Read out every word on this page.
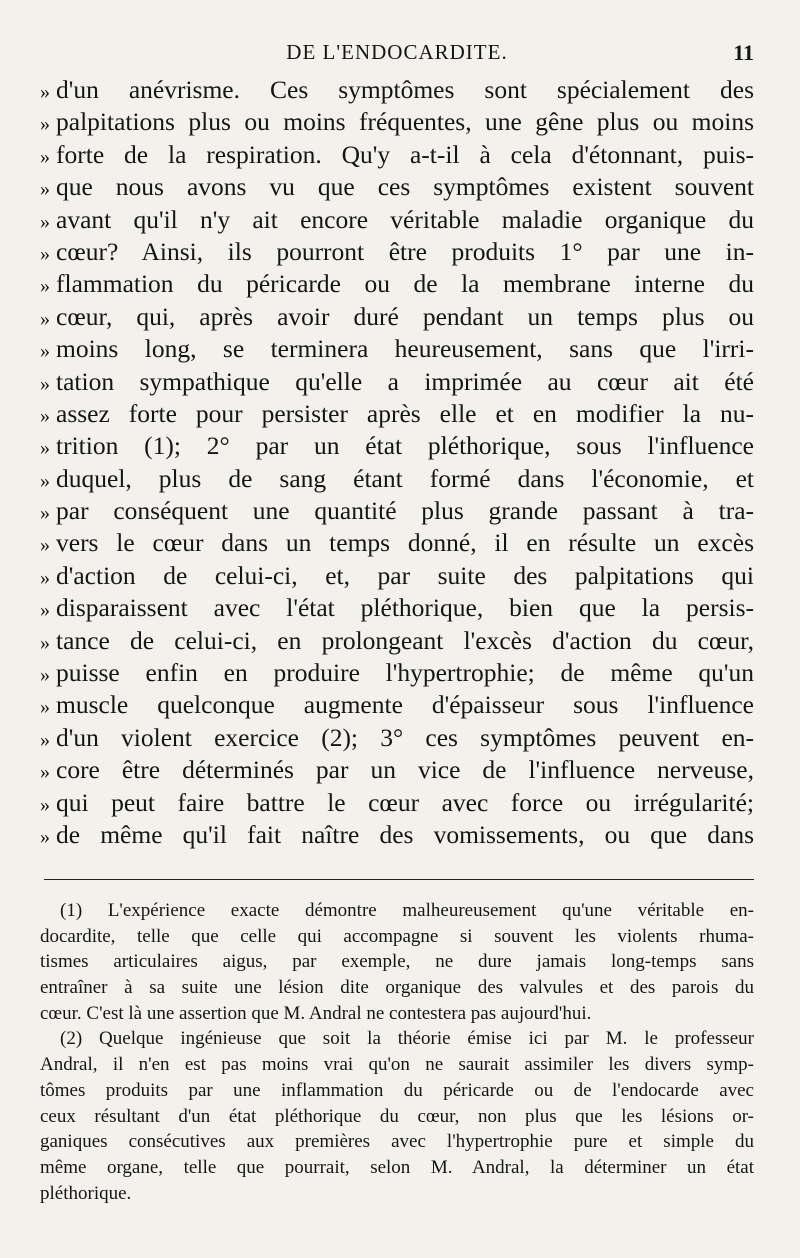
DE L'ENDOCARDITE.	11
» d'un anévrisme. Ces symptômes sont spécialement des
» palpitations plus ou moins fréquentes, une gêne plus ou moins
» forte de la respiration. Qu'y a-t-il à cela d'étonnant, puis-
» que nous avons vu que ces symptômes existent souvent
» avant qu'il n'y ait encore véritable maladie organique du
» cœur? Ainsi, ils pourront être produits 1° par une in-
» flammation du péricarde ou de la membrane interne du
» cœur, qui, après avoir duré pendant un temps plus ou
» moins long, se terminera heureusement, sans que l'irri-
» tation sympathique qu'elle a imprimée au cœur ait été
» assez forte pour persister après elle et en modifier la nu-
» trition (1); 2° par un état pléthorique, sous l'influence
» duquel, plus de sang étant formé dans l'économie, et
» par conséquent une quantité plus grande passant à tra-
» vers le cœur dans un temps donné, il en résulte un excès
» d'action de celui-ci, et, par suite des palpitations qui
» disparaissent avec l'état pléthorique, bien que la persis-
» tance de celui-ci, en prolongeant l'excès d'action du cœur,
» puisse enfin en produire l'hypertrophie; de même qu'un
» muscle quelconque augmente d'épaisseur sous l'influence
» d'un violent exercice (2); 3° ces symptômes peuvent en-
» core être déterminés par un vice de l'influence nerveuse,
» qui peut faire battre le cœur avec force ou irrégularité;
» de même qu'il fait naître des vomissements, ou que dans
(1) L'expérience exacte démontre malheureusement qu'une véritable en-
docardite, telle que celle qui accompagne si souvent les violents rhuma-
tismes articulaires aigus, par exemple, ne dure jamais long-temps sans
entraîner à sa suite une lésion dite organique des valvules et des parois du
cœur. C'est là une assertion que M. Andral ne contestera pas aujourd'hui.
(2) Quelque ingénieuse que soit la théorie émise ici par M. le professeur
Andral, il n'en est pas moins vrai qu'on ne saurait assimiler les divers symp-
tômes produits par une inflammation du péricarde ou de l'endocarde avec
ceux résultant d'un état pléthorique du cœur, non plus que les lésions or-
ganiques consécutives aux premières avec l'hypertrophie pure et simple du
même organe, telle que pourrait, selon M. Andral, la déterminer un état
pléthorique.
